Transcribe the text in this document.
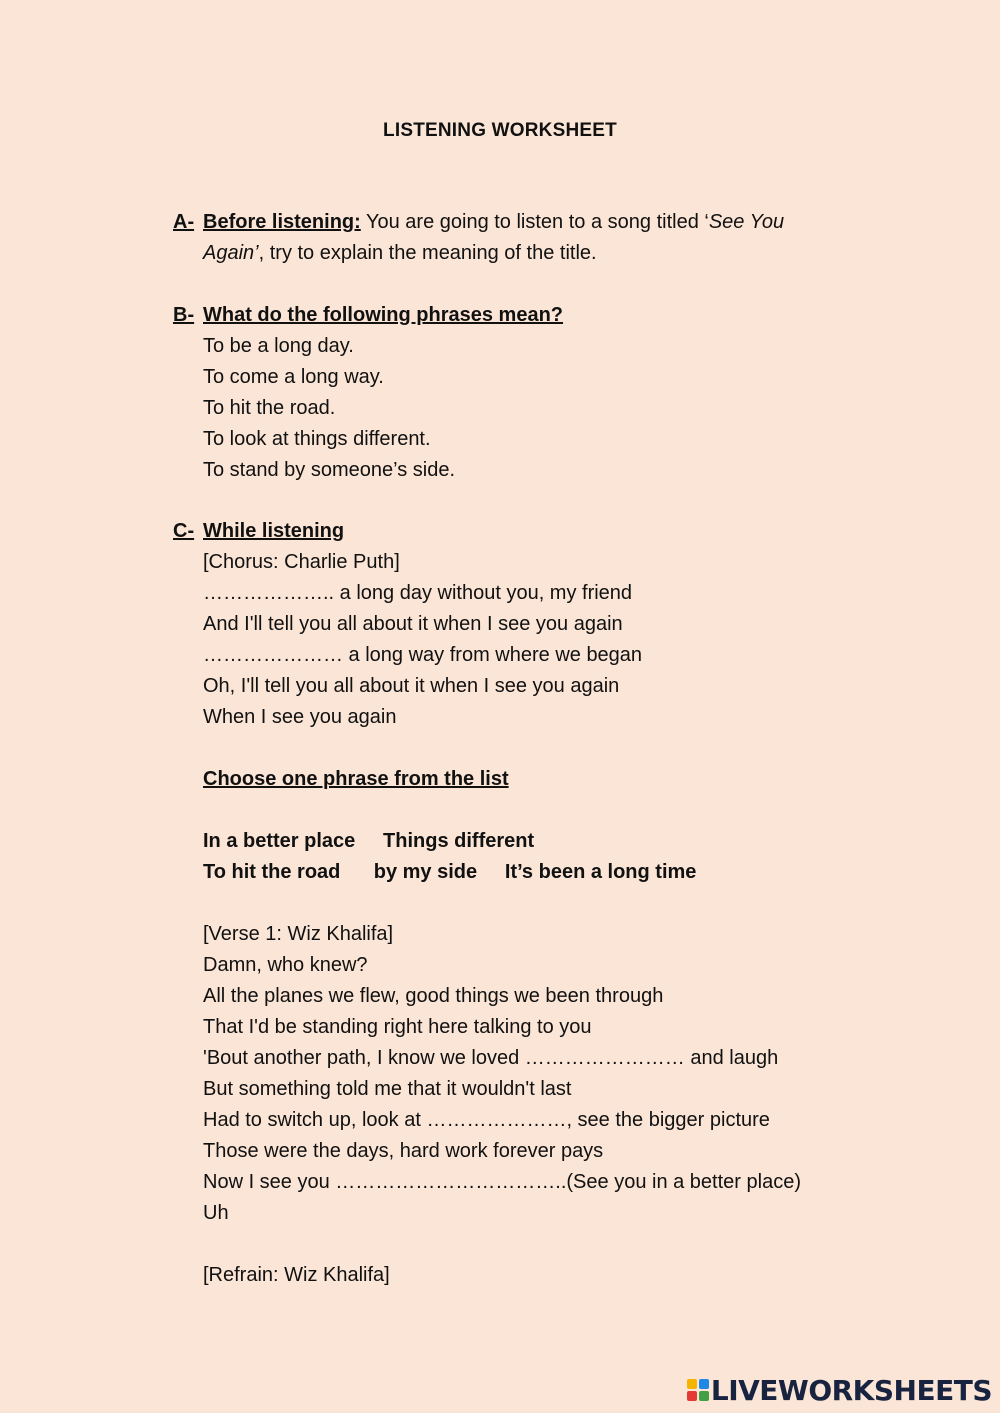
LISTENING WORKSHEET
A- Before listening: You are going to listen to a song titled ‘See You Again’, try to explain the meaning of the title.
B- What do the following phrases mean?
To be a long day.
To come a long way.
To hit the road.
To look at things different.
To stand by someone’s side.
C- While listening
[Chorus: Charlie Puth]
……………….. a long day without you, my friend
And I'll tell you all about it when I see you again
………………… a long way from where we began
Oh, I'll tell you all about it when I see you again
When I see you again
Choose one phrase from the list
In a better place     Things different
To hit the road      by my side     It’s been a long time
[Verse 1: Wiz Khalifa]
Damn, who knew?
All the planes we flew, good things we been through
That I'd be standing right here talking to you
'Bout another path, I know we loved …………………… and laugh
But something told me that it wouldn't last
Had to switch up, look at …………………, see the bigger picture
Those were the days, hard work forever pays
Now I see you ……………………………..(See you in a better place)
Uh
[Refrain: Wiz Khalifa]
LIVEWORKSHEETS
